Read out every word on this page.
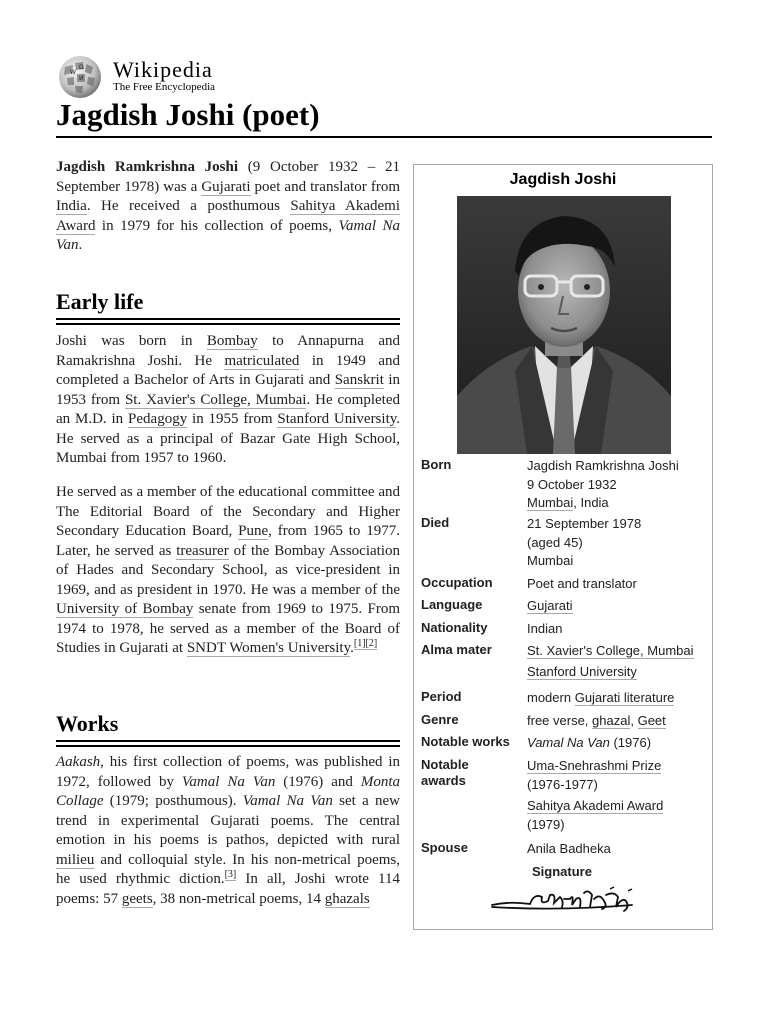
W
Ω
И Wikipedia
The Free Encyclopedia
Jagdish Joshi (poet)

Jagdish Ramkrishna Joshi (9 October 1932 – 21 September 1978) was a Gujarati poet and translator from India. He received a posthumous Sahitya Akademi Award in 1979 for his collection of poems, Vamal Na Van.

Early life

Joshi was born in Bombay to Annapurna and Ramakrishna Joshi. He matriculated in 1949 and completed a Bachelor of Arts in Gujarati and Sanskrit in 1953 from St. Xavier's College, Mumbai. He completed an M.D. in Pedagogy in 1955 from Stanford University. He served as a principal of Bazar Gate High School, Mumbai from 1957 to 1960.

He served as a member of the educational committee and The Editorial Board of the Secondary and Higher Secondary Education Board, Pune, from 1965 to 1977. Later, he served as treasurer of the Bombay Association of Hades and Secondary School, as vice-president in 1969, and as president in 1970. He was a member of the University of Bombay senate from 1969 to 1975. From 1974 to 1978, he served as a member of the Board of Studies in Gujarati at SNDT Women's University.[1][2]

Works

Aakash, his first collection of poems, was published in 1972, followed by Vamal Na Van (1976) and Monta Collage (1979; posthumous). Vamal Na Van set a new trend in experimental Gujarati poems. The central emotion in his poems is pathos, depicted with rural milieu and colloquial style. In his non-metrical poems, he used rhythmic diction.[3] In all, Joshi wrote 114 poems: 57 geets, 38 non-metrical poems, 14 ghazals

Jagdish Joshi
Born	Jagdish Ramkrishna Joshi
9 October 1932
Mumbai, India
Died	21 September 1978
(aged 45)
Mumbai
Occupation	Poet and translator
Language	Gujarati
Nationality	Indian
Alma mater	St. Xavier's College, Mumbai
Stanford University
Period	modern Gujarati literature
Genre	free verse, ghazal, Geet
Notable works	Vamal Na Van (1976)
Notable awards
Uma-Snehrashmi Prize
(1976-1977)
Sahitya Akademi Award
(1979)
Spouse	Anila Badheka
Signature
